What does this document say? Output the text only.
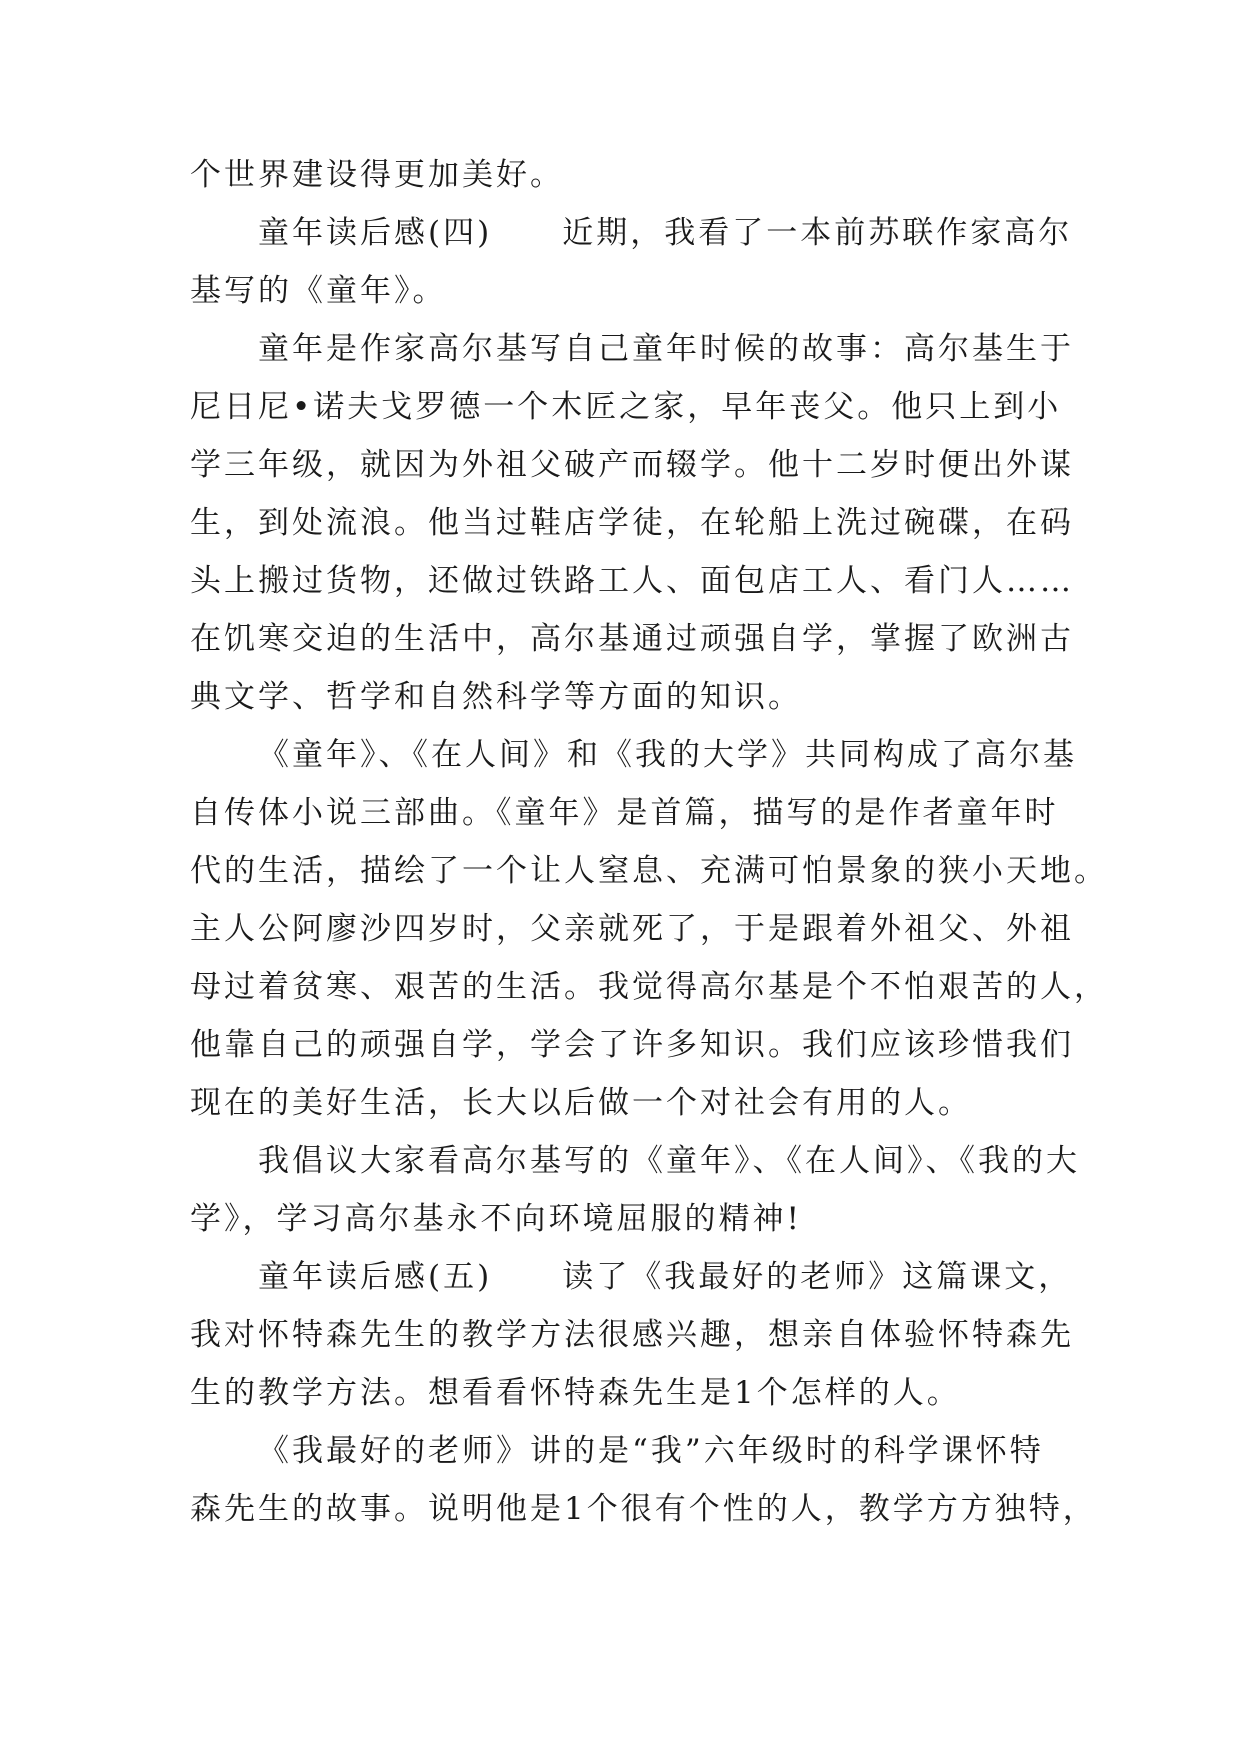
个世界建设得更加美好。
童年读后感(四) 近期，我看了一本前苏联作家高尔
基写的《童年》。
童年是作家高尔基写自己童年时候的故事：高尔基生于
尼日尼•诺夫戈罗德一个木匠之家，早年丧父。他只上到小
学三年级，就因为外祖父破产而辍学。他十二岁时便出外谋
生，到处流浪。他当过鞋店学徒，在轮船上洗过碗碟，在码
头上搬过货物，还做过铁路工人、面包店工人、看门人……
在饥寒交迫的生活中，高尔基通过顽强自学，掌握了欧洲古
典文学、哲学和自然科学等方面的知识。
《童年》、《在人间》和《我的大学》共同构成了高尔基
自传体小说三部曲。《童年》是首篇，描写的是作者童年时
代的生活，描绘了一个让人窒息、充满可怕景象的狭小天地。
主人公阿廖沙四岁时，父亲就死了，于是跟着外祖父、外祖
母过着贫寒、艰苦的生活。我觉得高尔基是个不怕艰苦的人，
他靠自己的顽强自学，学会了许多知识。我们应该珍惜我们
现在的美好生活，长大以后做一个对社会有用的人。
我倡议大家看高尔基写的《童年》、《在人间》、《我的大
学》，学习高尔基永不向环境屈服的精神!
童年读后感(五) 读了《我最好的老师》这篇课文，
我对怀特森先生的教学方法很感兴趣，想亲自体验怀特森先
生的教学方法。想看看怀特森先生是1个怎样的人。
《我最好的老师》讲的是“我”六年级时的科学课怀特
森先生的故事。说明他是1个很有个性的人，教学方方独特，
